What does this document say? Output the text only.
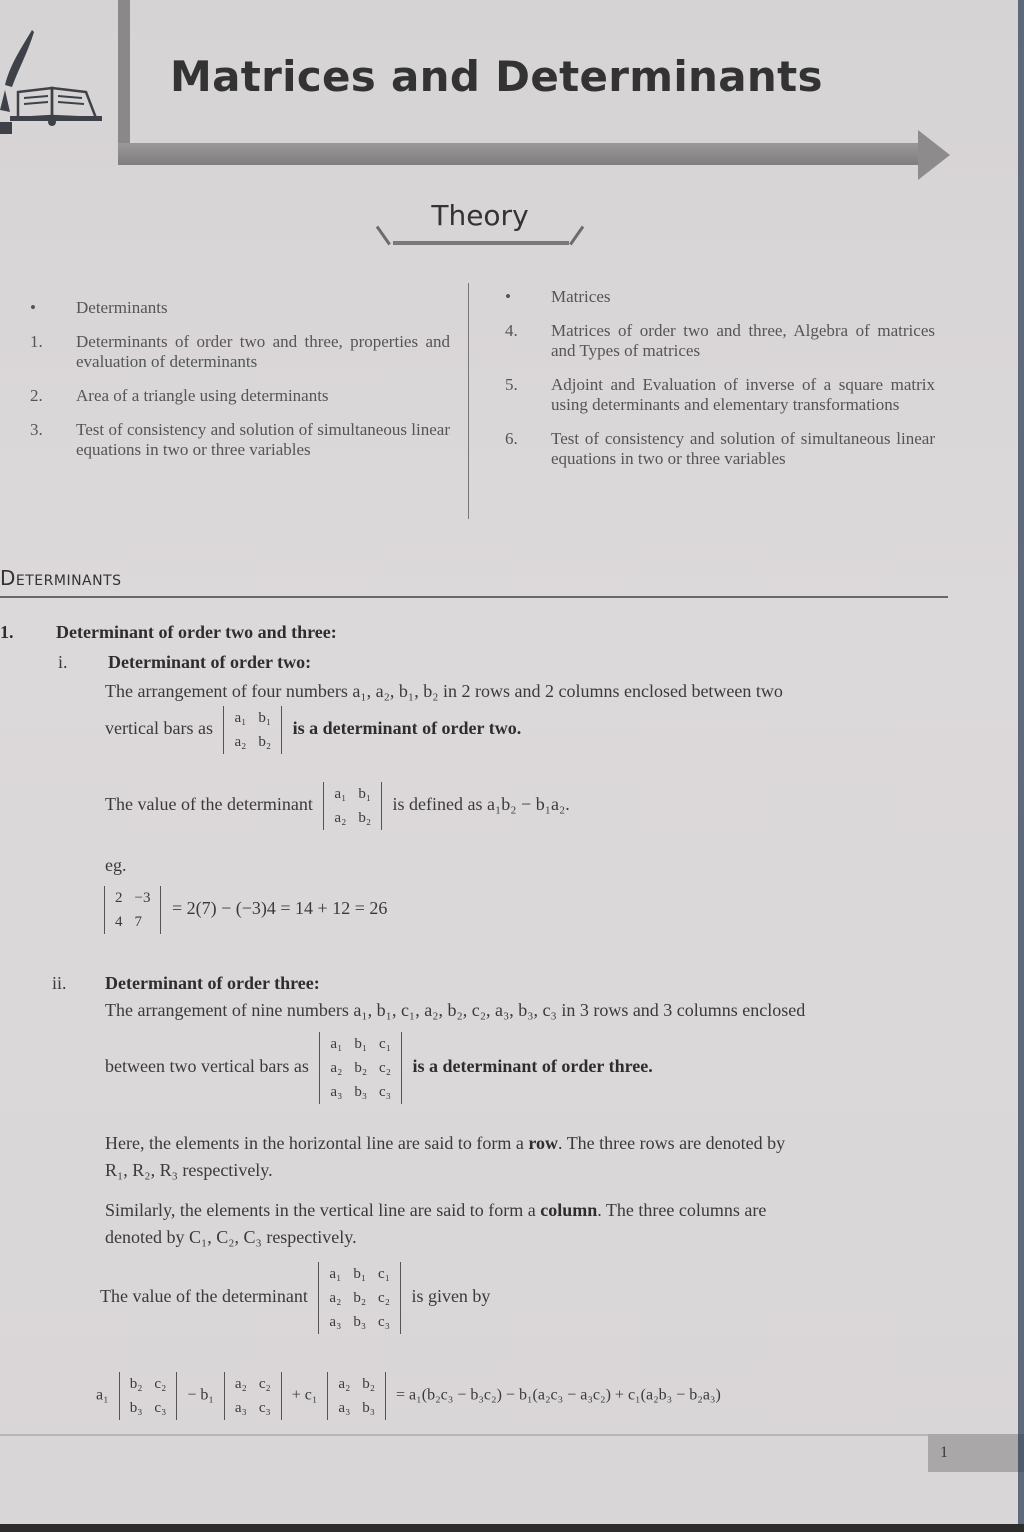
Matrices and Determinants
Theory
•	Determinants
1.	Determinants of order two and three, properties and evaluation of determinants
2.	Area of a triangle using determinants
3.	Test of consistency and solution of simultaneous linear equations in two or three variables
•	Matrices
4.	Matrices of order two and three, Algebra of matrices and Types of matrices
5.	Adjoint and Evaluation of inverse of a square matrix using determinants and elementary transformations
6.	Test of consistency and solution of simultaneous linear equations in two or three variables
Determinants
1. Determinant of order two and three:
i. Determinant of order two:
The arrangement of four numbers a₁, a₂, b₁, b₂ in 2 rows and 2 columns enclosed between two
vertical bars as
a₁	b₁
a₂	b₂
is a determinant of order two.
The value of the determinant
a₁	b₁
a₂	b₂
is defined as a₁b₂ − b₁a₂.
eg.
2	−3
4	7
= 2(7) − (−3)4 = 14 + 12 = 26
ii. Determinant of order three:
The arrangement of nine numbers a₁, b₁, c₁, a₂, b₂, c₂, a₃, b₃, c₃ in 3 rows and 3 columns enclosed
between two vertical bars as
a₁	b₁	c₁
a₂	b₂	c₂
a₃	b₃	c₃
is a determinant of order three.
Here, the elements in the horizontal line are said to form a row. The three rows are denoted by
R₁, R₂, R₃ respectively.
Similarly, the elements in the vertical line are said to form a column. The three columns are
denoted by C₁, C₂, C₃ respectively.
The value of the determinant
a₁	b₁	c₁
a₂	b₂	c₂
a₃	b₃	c₃
is given by
a₁
b₂	c₂
b₃	c₃
− b₁
a₂	c₂
a₃	c₃
+ c₁
a₂	b₂
a₃	b₃
= a₁(b₂c₃ − b₃c₂) − b₁(a₂c₃ − a₃c₂) + c₁(a₂b₃ − b₂a₃)
1
